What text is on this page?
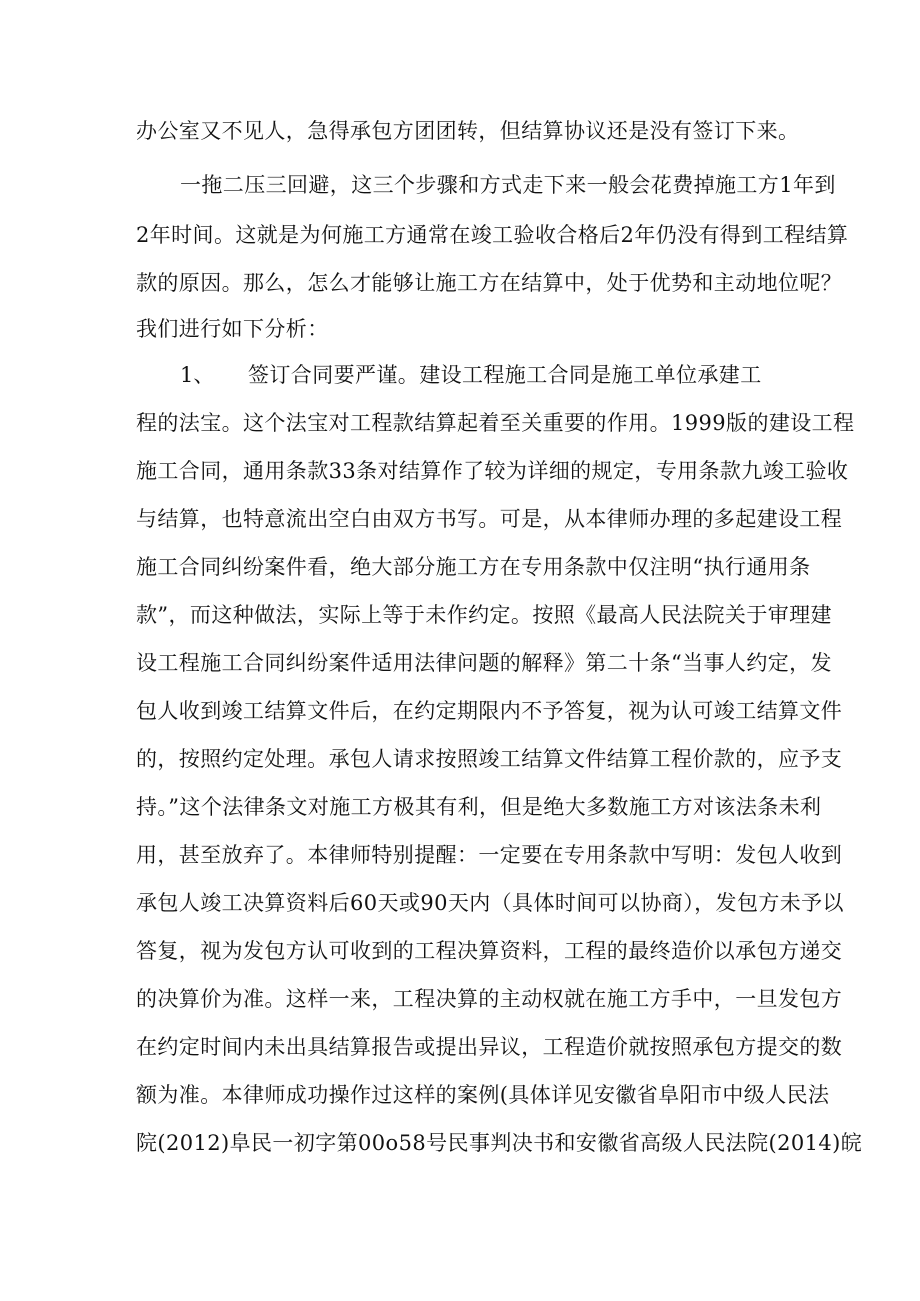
办公室又不见人，急得承包方团团转，但结算协议还是没有签订下来。
一拖二压三回避，这三个步骤和方式走下来一般会花费掉施工方1年到
2年时间。这就是为何施工方通常在竣工验收合格后2年仍没有得到工程结算
款的原因。那么，怎么才能够让施工方在结算中，处于优势和主动地位呢？
我们进行如下分析：
1、 签订合同要严谨。建设工程施工合同是施工单位承建工
程的法宝。这个法宝对工程款结算起着至关重要的作用。1999版的建设工程
施工合同，通用条款33条对结算作了较为详细的规定，专用条款九竣工验收
与结算，也特意流出空白由双方书写。可是，从本律师办理的多起建设工程
施工合同纠纷案件看，绝大部分施工方在专用条款中仅注明“执行通用条
款”，而这种做法，实际上等于未作约定。按照《最高人民法院关于审理建
设工程施工合同纠纷案件适用法律问题的解释》第二十条“当事人约定，发
包人收到竣工结算文件后，在约定期限内不予答复，视为认可竣工结算文件
的，按照约定处理。承包人请求按照竣工结算文件结算工程价款的，应予支
持。”这个法律条文对施工方极其有利，但是绝大多数施工方对该法条未利
用，甚至放弃了。本律师特别提醒：一定要在专用条款中写明：发包人收到
承包人竣工决算资料后60天或90天内（具体时间可以协商），发包方未予以
答复，视为发包方认可收到的工程决算资料，工程的最终造价以承包方递交
的决算价为准。这样一来，工程决算的主动权就在施工方手中，一旦发包方
在约定时间内未出具结算报告或提出异议，工程造价就按照承包方提交的数
额为准。本律师成功操作过这样的案例(具体详见安徽省阜阳市中级人民法
院(2012)阜民一初字第00o58号民事判决书和安徽省高级人民法院(2014)皖
